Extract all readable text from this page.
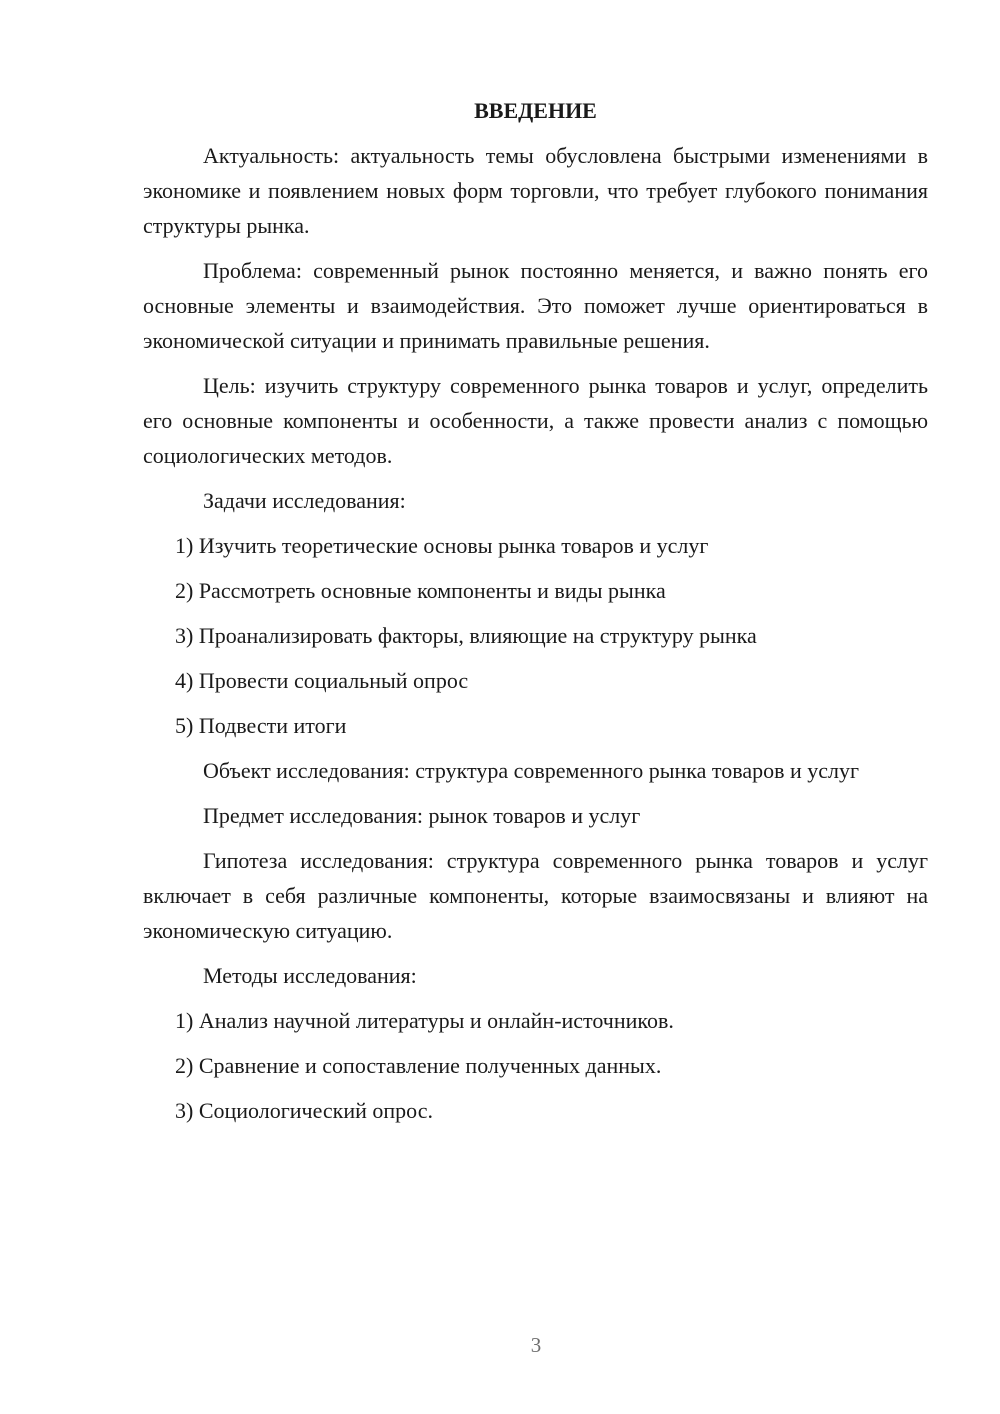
ВВЕДЕНИЕ

Актуальность: актуальность темы обусловлена быстрыми изменениями в экономике и появлением новых форм торговли, что требует глубокого понимания структуры рынка.

Проблема: современный рынок постоянно меняется, и важно понять его основные элементы и взаимодействия. Это поможет лучше ориентироваться в экономической ситуации и принимать правильные решения.

Цель: изучить структуру современного рынка товаров и услуг, определить его основные компоненты и особенности, а также провести анализ с помощью социологических методов.

Задачи исследования:

1) Изучить теоретические основы рынка товаров и услуг

2) Рассмотреть основные компоненты и виды рынка

3) Проанализировать факторы, влияющие на структуру рынка

4) Провести социальный опрос

5) Подвести итоги

Объект исследования: структура современного рынка товаров и услуг

Предмет исследования: рынок товаров и услуг

Гипотеза исследования: структура современного рынка товаров и услуг включает в себя различные компоненты, которые взаимосвязаны и влияют на экономическую ситуацию.

Методы исследования:

1) Анализ научной литературы и онлайн-источников.

2) Сравнение и сопоставление полученных данных.

3) Социологический опрос.

3
